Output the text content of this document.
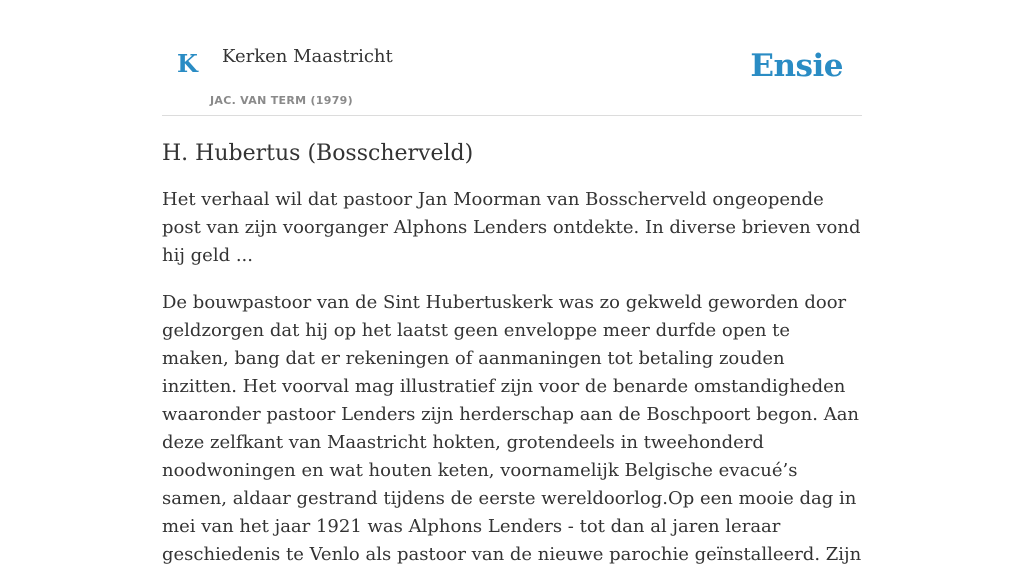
K Kerken Maastricht
JAC. VAN TERM (1979)
Ensie
H. Hubertus (Bosscherveld)

Het verhaal wil dat pastoor Jan Moorman van Bosscherveld ongeopende post van zijn voorganger Alphons Lenders ontdekte. In diverse brieven vond hij geld ...

De bouwpastoor van de Sint Hubertuskerk was zo gekweld geworden door geldzorgen dat hij op het laatst geen enveloppe meer durfde open te maken, bang dat er rekeningen of aanmaningen tot betaling zouden inzitten. Het voorval mag illustratief zijn voor de benarde omstandigheden waaronder pastoor Lenders zijn herderschap aan de Boschpoort begon. Aan deze zelfkant van Maastricht hokten, grotendeels in tweehonderd noodwoningen en wat houten keten, voornamelijk Belgische evacué’s samen, aldaar gestrand tijdens de eerste wereldoorlog.Op een mooie dag in mei van het jaar 1921 was Alphons Lenders - tot dan al jaren leraar geschiedenis te Venlo als pastoor van de nieuwe parochie geïnstalleerd. Zijn
